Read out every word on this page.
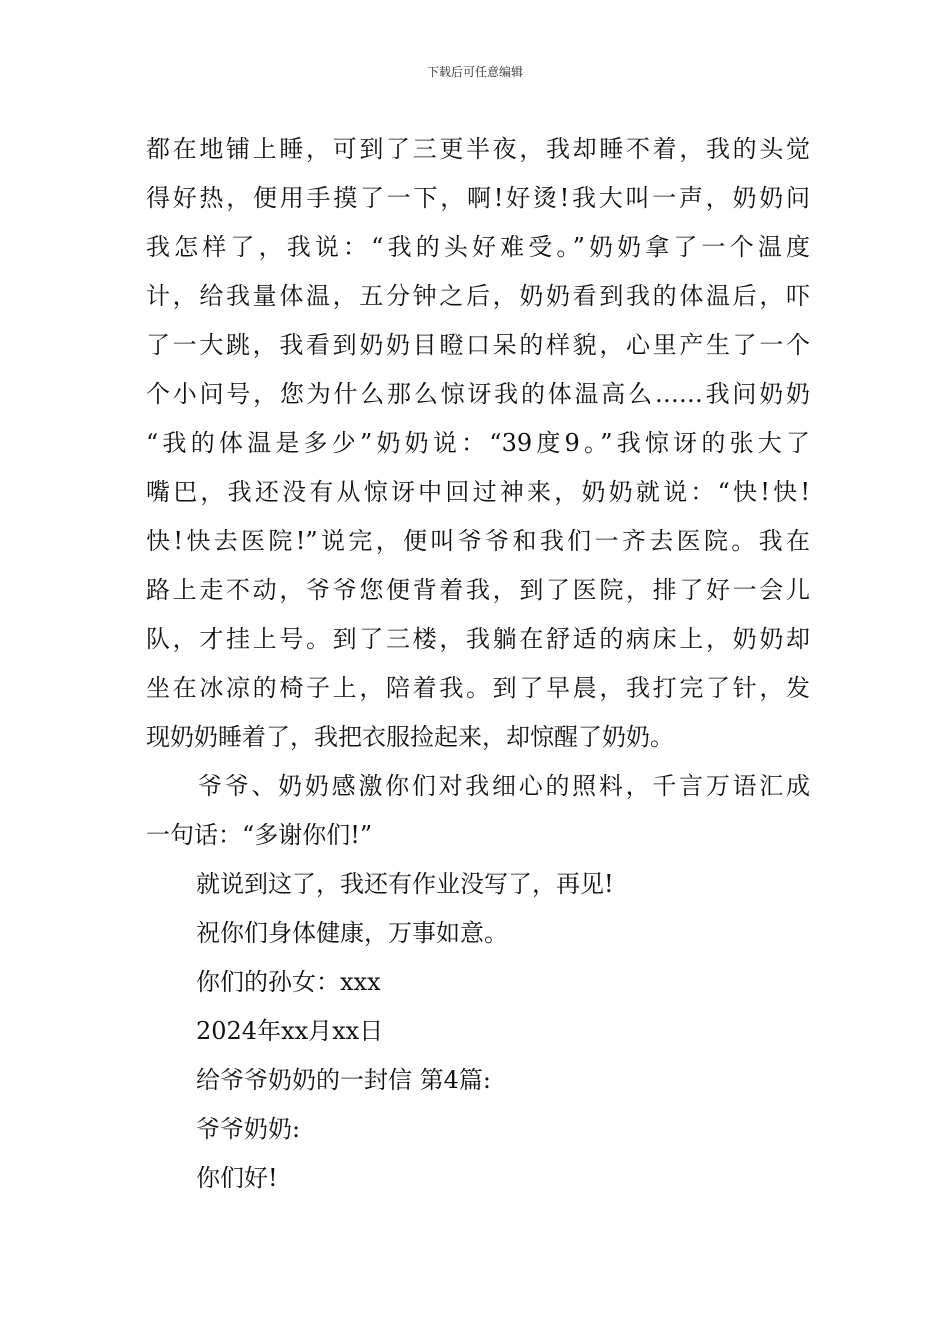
下载后可任意编辑
都在地铺上睡，可到了三更半夜，我却睡不着，我的头觉
得好热，便用手摸了一下，啊!好烫!我大叫一声，奶奶问
我怎样了，我说：“我的头好难受。”奶奶拿了一个温度
计，给我量体温，五分钟之后，奶奶看到我的体温后，吓
了一大跳，我看到奶奶目瞪口呆的样貌，心里产生了一个
个小问号，您为什么那么惊讶我的体温高么……我问奶奶
“我的体温是多少”奶奶说：“39度9。”我惊讶的张大了
嘴巴，我还没有从惊讶中回过神来，奶奶就说：“快!快!
快!快去医院!”说完，便叫爷爷和我们一齐去医院。我在
路上走不动，爷爷您便背着我，到了医院，排了好一会儿
队，才挂上号。到了三楼，我躺在舒适的病床上，奶奶却
坐在冰凉的椅子上，陪着我。到了早晨，我打完了针，发
现奶奶睡着了，我把衣服捡起来，却惊醒了奶奶。
爷爷、奶奶感激你们对我细心的照料，千言万语汇成
一句话：“多谢你们!”
就说到这了，我还有作业没写了，再见!
祝你们身体健康，万事如意。
你们的孙女：xxx
2024年xx月xx日
给爷爷奶奶的一封信 第4篇:
爷爷奶奶:
你们好!
